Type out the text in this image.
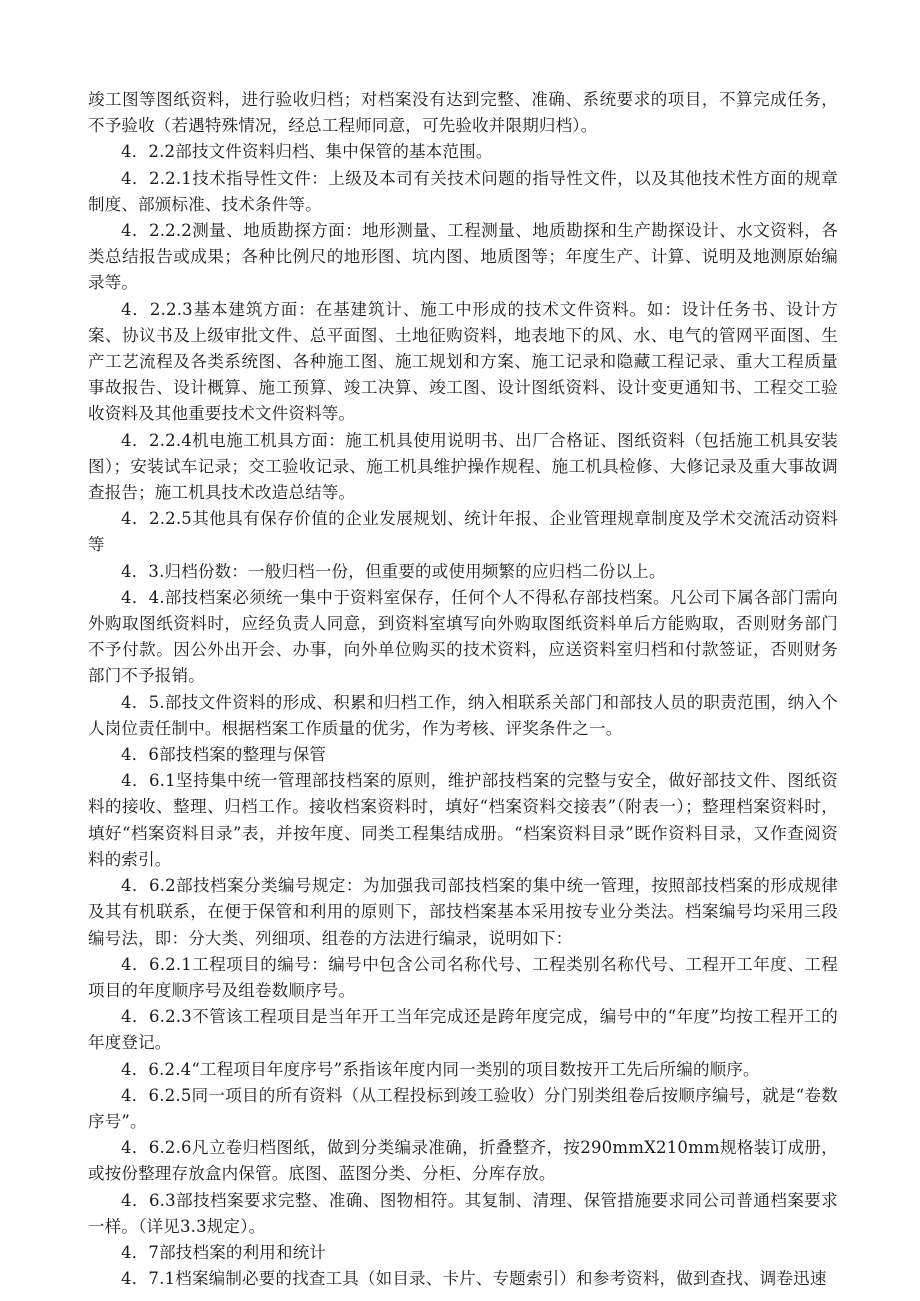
竣工图等图纸资料，进行验收归档；对档案没有达到完整、准确、系统要求的项目，不算完成任务，不予验收（若遇特殊情况，经总工程师同意，可先验收并限期归档）。

4．2.2部技文件资料归档、集中保管的基本范围。

4．2.2.1技术指导性文件：上级及本司有关技术问题的指导性文件，以及其他技术性方面的规章制度、部颁标准、技术条件等。

4．2.2.2测量、地质勘探方面：地形测量、工程测量、地质勘探和生产勘探设计、水文资料，各类总结报告或成果；各种比例尺的地形图、坑内图、地质图等；年度生产、计算、说明及地测原始编录等。

4．2.2.3基本建筑方面：在基建筑计、施工中形成的技术文件资料。如：设计任务书、设计方案、协议书及上级审批文件、总平面图、土地征购资料，地表地下的风、水、电气的管网平面图、生产工艺流程及各类系统图、各种施工图、施工规划和方案、施工记录和隐藏工程记录、重大工程质量事故报告、设计概算、施工预算、竣工决算、竣工图、设计图纸资料、设计变更通知书、工程交工验收资料及其他重要技术文件资料等。

4．2.2.4机电施工机具方面：施工机具使用说明书、出厂合格证、图纸资料（包括施工机具安装图）；安装试车记录；交工验收记录、施工机具维护操作规程、施工机具检修、大修记录及重大事故调查报告；施工机具技术改造总结等。

4．2.2.5其他具有保存价值的企业发展规划、统计年报、企业管理规章制度及学术交流活动资料等

4．3.归档份数：一般归档一份，但重要的或使用频繁的应归档二份以上。

4．4.部技档案必须统一集中于资料室保存，任何个人不得私存部技档案。凡公司下属各部门需向外购取图纸资料时，应经负责人同意，到资料室填写向外购取图纸资料单后方能购取，否则财务部门不予付款。因公外出开会、办事，向外单位购买的技术资料，应送资料室归档和付款签证，否则财务部门不予报销。

4．5.部技文件资料的形成、积累和归档工作，纳入相联系关部门和部技人员的职责范围，纳入个人岗位责任制中。根据档案工作质量的优劣，作为考核、评奖条件之一。

4．6部技档案的整理与保管

4．6.1坚持集中统一管理部技档案的原则，维护部技档案的完整与安全，做好部技文件、图纸资料的接收、整理、归档工作。接收档案资料时，填好“档案资料交接表”（附表一）；整理档案资料时，填好“档案资料目录”表，并按年度、同类工程集结成册。“档案资料目录”既作资料目录，又作查阅资料的索引。

4．6.2部技档案分类编号规定：为加强我司部技档案的集中统一管理，按照部技档案的形成规律及其有机联系，在便于保管和利用的原则下，部技档案基本采用按专业分类法。档案编号均采用三段编号法，即：分大类、列细项、组卷的方法进行编录，说明如下：

4．6.2.1工程项目的编号：编号中包含公司名称代号、工程类别名称代号、工程开工年度、工程项目的年度顺序号及组卷数顺序号。

4．6.2.3不管该工程项目是当年开工当年完成还是跨年度完成，编号中的“年度”均按工程开工的年度登记。

4．6.2.4“工程项目年度序号”系指该年度内同一类别的项目数按开工先后所编的顺序。

4．6.2.5同一项目的所有资料（从工程投标到竣工验收）分门别类组卷后按顺序编号，就是“卷数序号”。

4．6.2.6凡立卷归档图纸，做到分类编录准确，折叠整齐，按290mmX210mm规格装订成册，或按份整理存放盒内保管。底图、蓝图分类、分柜、分库存放。

4．6.3部技档案要求完整、准确、图物相符。其复制、清理、保管措施要求同公司普通档案要求一样。（详见3.3规定）。

4．7部技档案的利用和统计

4．7.1档案编制必要的找查工具（如目录、卡片、专题索引）和参考资料，做到查找、调卷迅速
